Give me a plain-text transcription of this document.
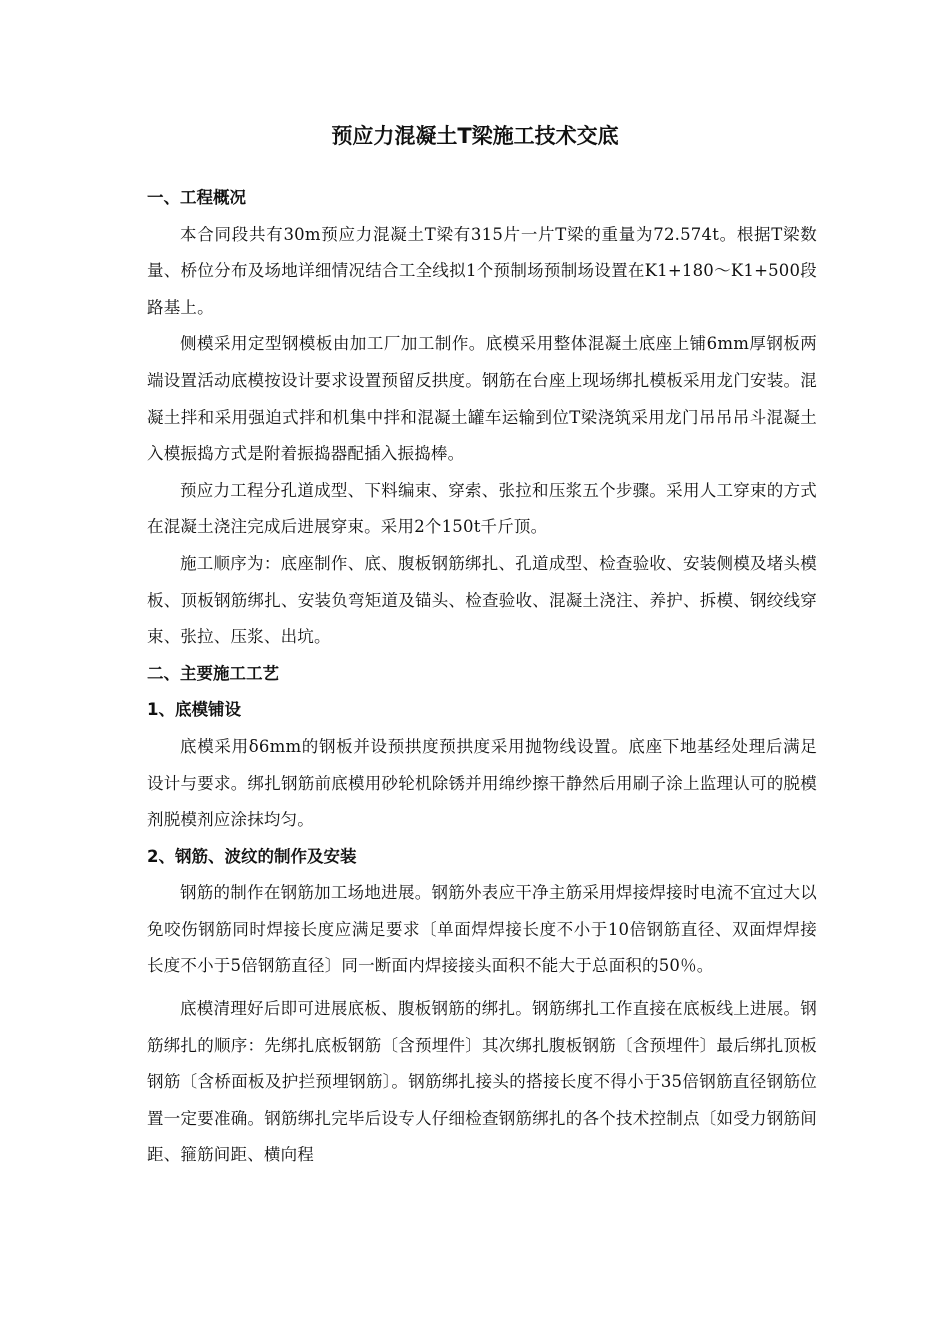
预应力混凝土T梁施工技术交底
一、工程概况

本合同段共有30m预应力混凝土T梁有315片一片T梁的重量为72.574t。根据T梁数量、桥位分布及场地详细情况结合工全线拟1个预制场预制场设置在K1+180～K1+500段路基上。

侧模采用定型钢模板由加工厂加工制作。底模采用整体混凝土底座上铺6mm厚钢板两端设置活动底模按设计要求设置预留反拱度。钢筋在台座上现场绑扎模板采用龙门安装。混凝土拌和采用强迫式拌和机集中拌和混凝土罐车运输到位T梁浇筑采用龙门吊吊吊斗混凝土入模振捣方式是附着振捣器配插入振捣棒。

预应力工程分孔道成型、下料编束、穿索、张拉和压浆五个步骤。采用人工穿束的方式在混凝土浇注完成后进展穿束。采用2个150t千斤顶。

施工顺序为：底座制作、底、腹板钢筋绑扎、孔道成型、检查验收、安装侧模及堵头模板、顶板钢筋绑扎、安装负弯矩道及锚头、检查验收、混凝土浇注、养护、拆模、钢绞线穿束、张拉、压浆、出坑。

二、主要施工工艺
1、底模铺设

底模采用δ6mm的钢板并设预拱度预拱度采用抛物线设置。底座下地基经处理后满足设计与要求。绑扎钢筋前底模用砂轮机除锈并用绵纱擦干静然后用刷子涂上监理认可的脱模剂脱模剂应涂抹均匀。

2、钢筋、波纹的制作及安装

钢筋的制作在钢筋加工场地进展。钢筋外表应干净主筋采用焊接焊接时电流不宜过大以免咬伤钢筋同时焊接长度应满足要求〔单面焊焊接长度不小于10倍钢筋直径、双面焊焊接长度不小于5倍钢筋直径〕同一断面内焊接接头面积不能大于总面积的50％。

底模清理好后即可进展底板、腹板钢筋的绑扎。钢筋绑扎工作直接在底板线上进展。钢筋绑扎的顺序：先绑扎底板钢筋〔含预埋件〕其次绑扎腹板钢筋〔含预埋件〕最后绑扎顶板钢筋〔含桥面板及护拦预埋钢筋〕。钢筋绑扎接头的搭接长度不得小于35倍钢筋直径钢筋位置一定要准确。钢筋绑扎完毕后设专人仔细检查钢筋绑扎的各个技术控制点〔如受力钢筋间距、箍筋间距、横向程
